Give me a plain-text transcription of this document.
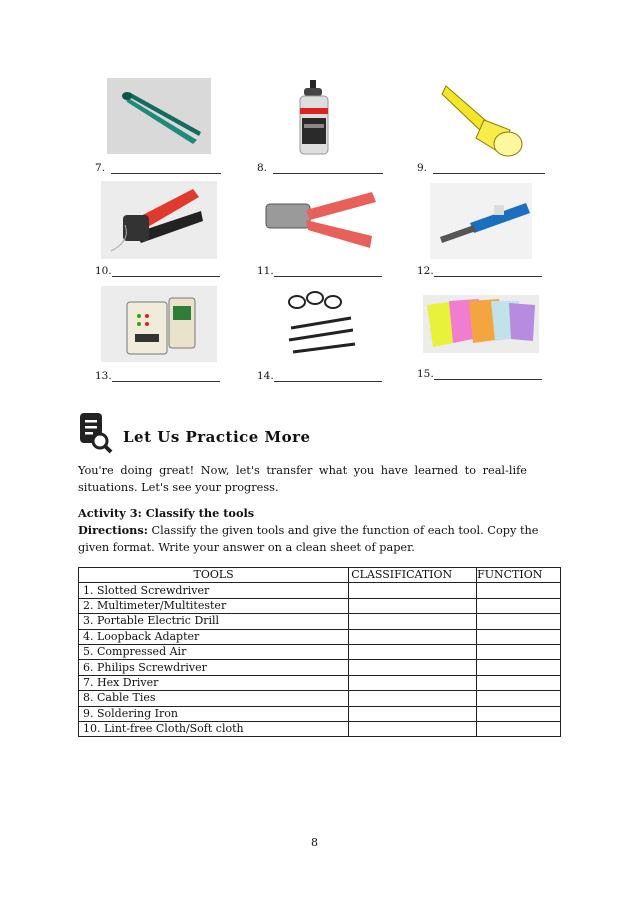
7.	8.	9.
10.	11.	12.
13.	14.	15.
Let Us Practice More
You're doing great! Now, let's transfer what you have learned to real-life
situations. Let's see your progress.
Activity 3: Classify the tools
Directions: Classify the given tools and give the function of each tool. Copy the
given format. Write your answer on a clean sheet of paper.
TOOLS	CLASSIFICATION	FUNCTION
1. Slotted Screwdriver		
2. Multimeter/Multitester		
3. Portable Electric Drill		
4. Loopback Adapter		
5. Compressed Air		
6. Philips Screwdriver		
7. Hex Driver		
8. Cable Ties		
9. Soldering Iron		
10. Lint-free Cloth/Soft cloth		
8
